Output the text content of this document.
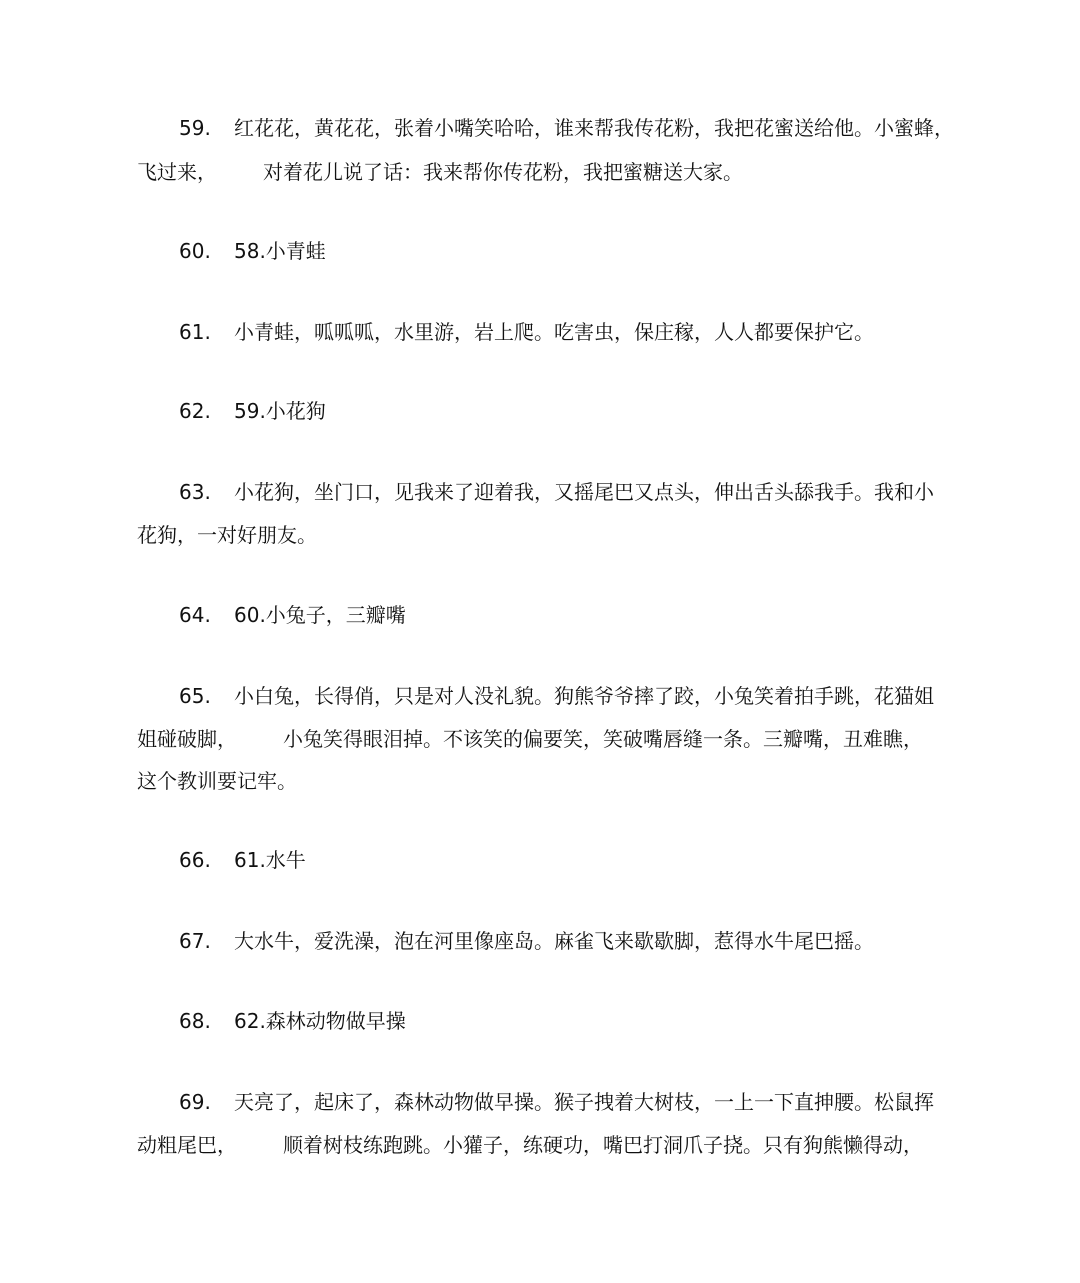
59. 红花花，黄花花，张着小嘴笑哈哈，谁来帮我传花粉，我把花蜜送给他。小蜜蜂，
飞过来， 对着花儿说了话：我来帮你传花粉，我把蜜糖送大家。
60. 58.小青蛙
61. 小青蛙，呱呱呱，水里游，岩上爬。吃害虫，保庄稼，人人都要保护它。
62. 59.小花狗
63. 小花狗，坐门口，见我来了迎着我，又摇尾巴又点头，伸出舌头舔我手。我和小
花狗，一对好朋友。
64. 60.小兔子，三瓣嘴
65. 小白兔，长得俏，只是对人没礼貌。狗熊爷爷摔了跤，小兔笑着拍手跳，花猫姐
姐碰破脚， 小兔笑得眼泪掉。不该笑的偏要笑，笑破嘴唇缝一条。三瓣嘴，丑难瞧，
这个教训要记牢。
66. 61.水牛
67. 大水牛，爱洗澡，泡在河里像座岛。麻雀飞来歇歇脚，惹得水牛尾巴摇。
68. 62.森林动物做早操
69. 天亮了，起床了，森林动物做早操。猴子拽着大树枝，一上一下直抻腰。松鼠挥
动粗尾巴， 顺着树枝练跑跳。小獾子，练硬功，嘴巴打洞爪子挠。只有狗熊懒得动，
